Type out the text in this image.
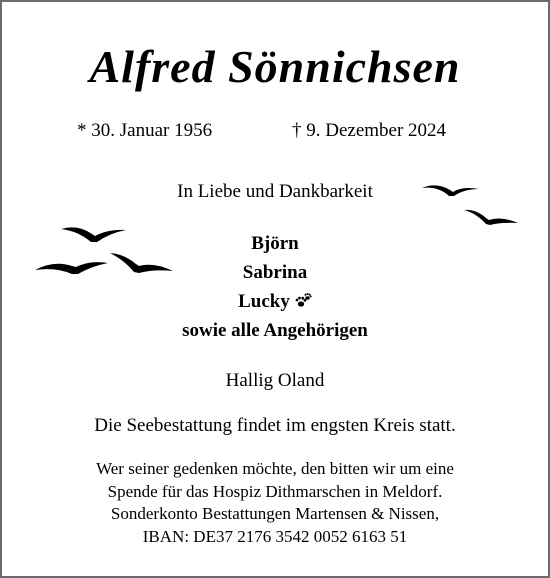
Alfred Sönnichsen
* 30. Januar 1956	† 9. Dezember 2024
In Liebe und Dankbarkeit
Björn
Sabrina
Lucky
sowie alle Angehörigen
Hallig Oland
Die Seebestattung findet im engsten Kreis statt.
Wer seiner gedenken möchte, den bitten wir um eine
Spende für das Hospiz Dithmarschen in Meldorf.
Sonderkonto Bestattungen Martensen & Nissen,
IBAN: DE37 2176 3542 0052 6163 51
